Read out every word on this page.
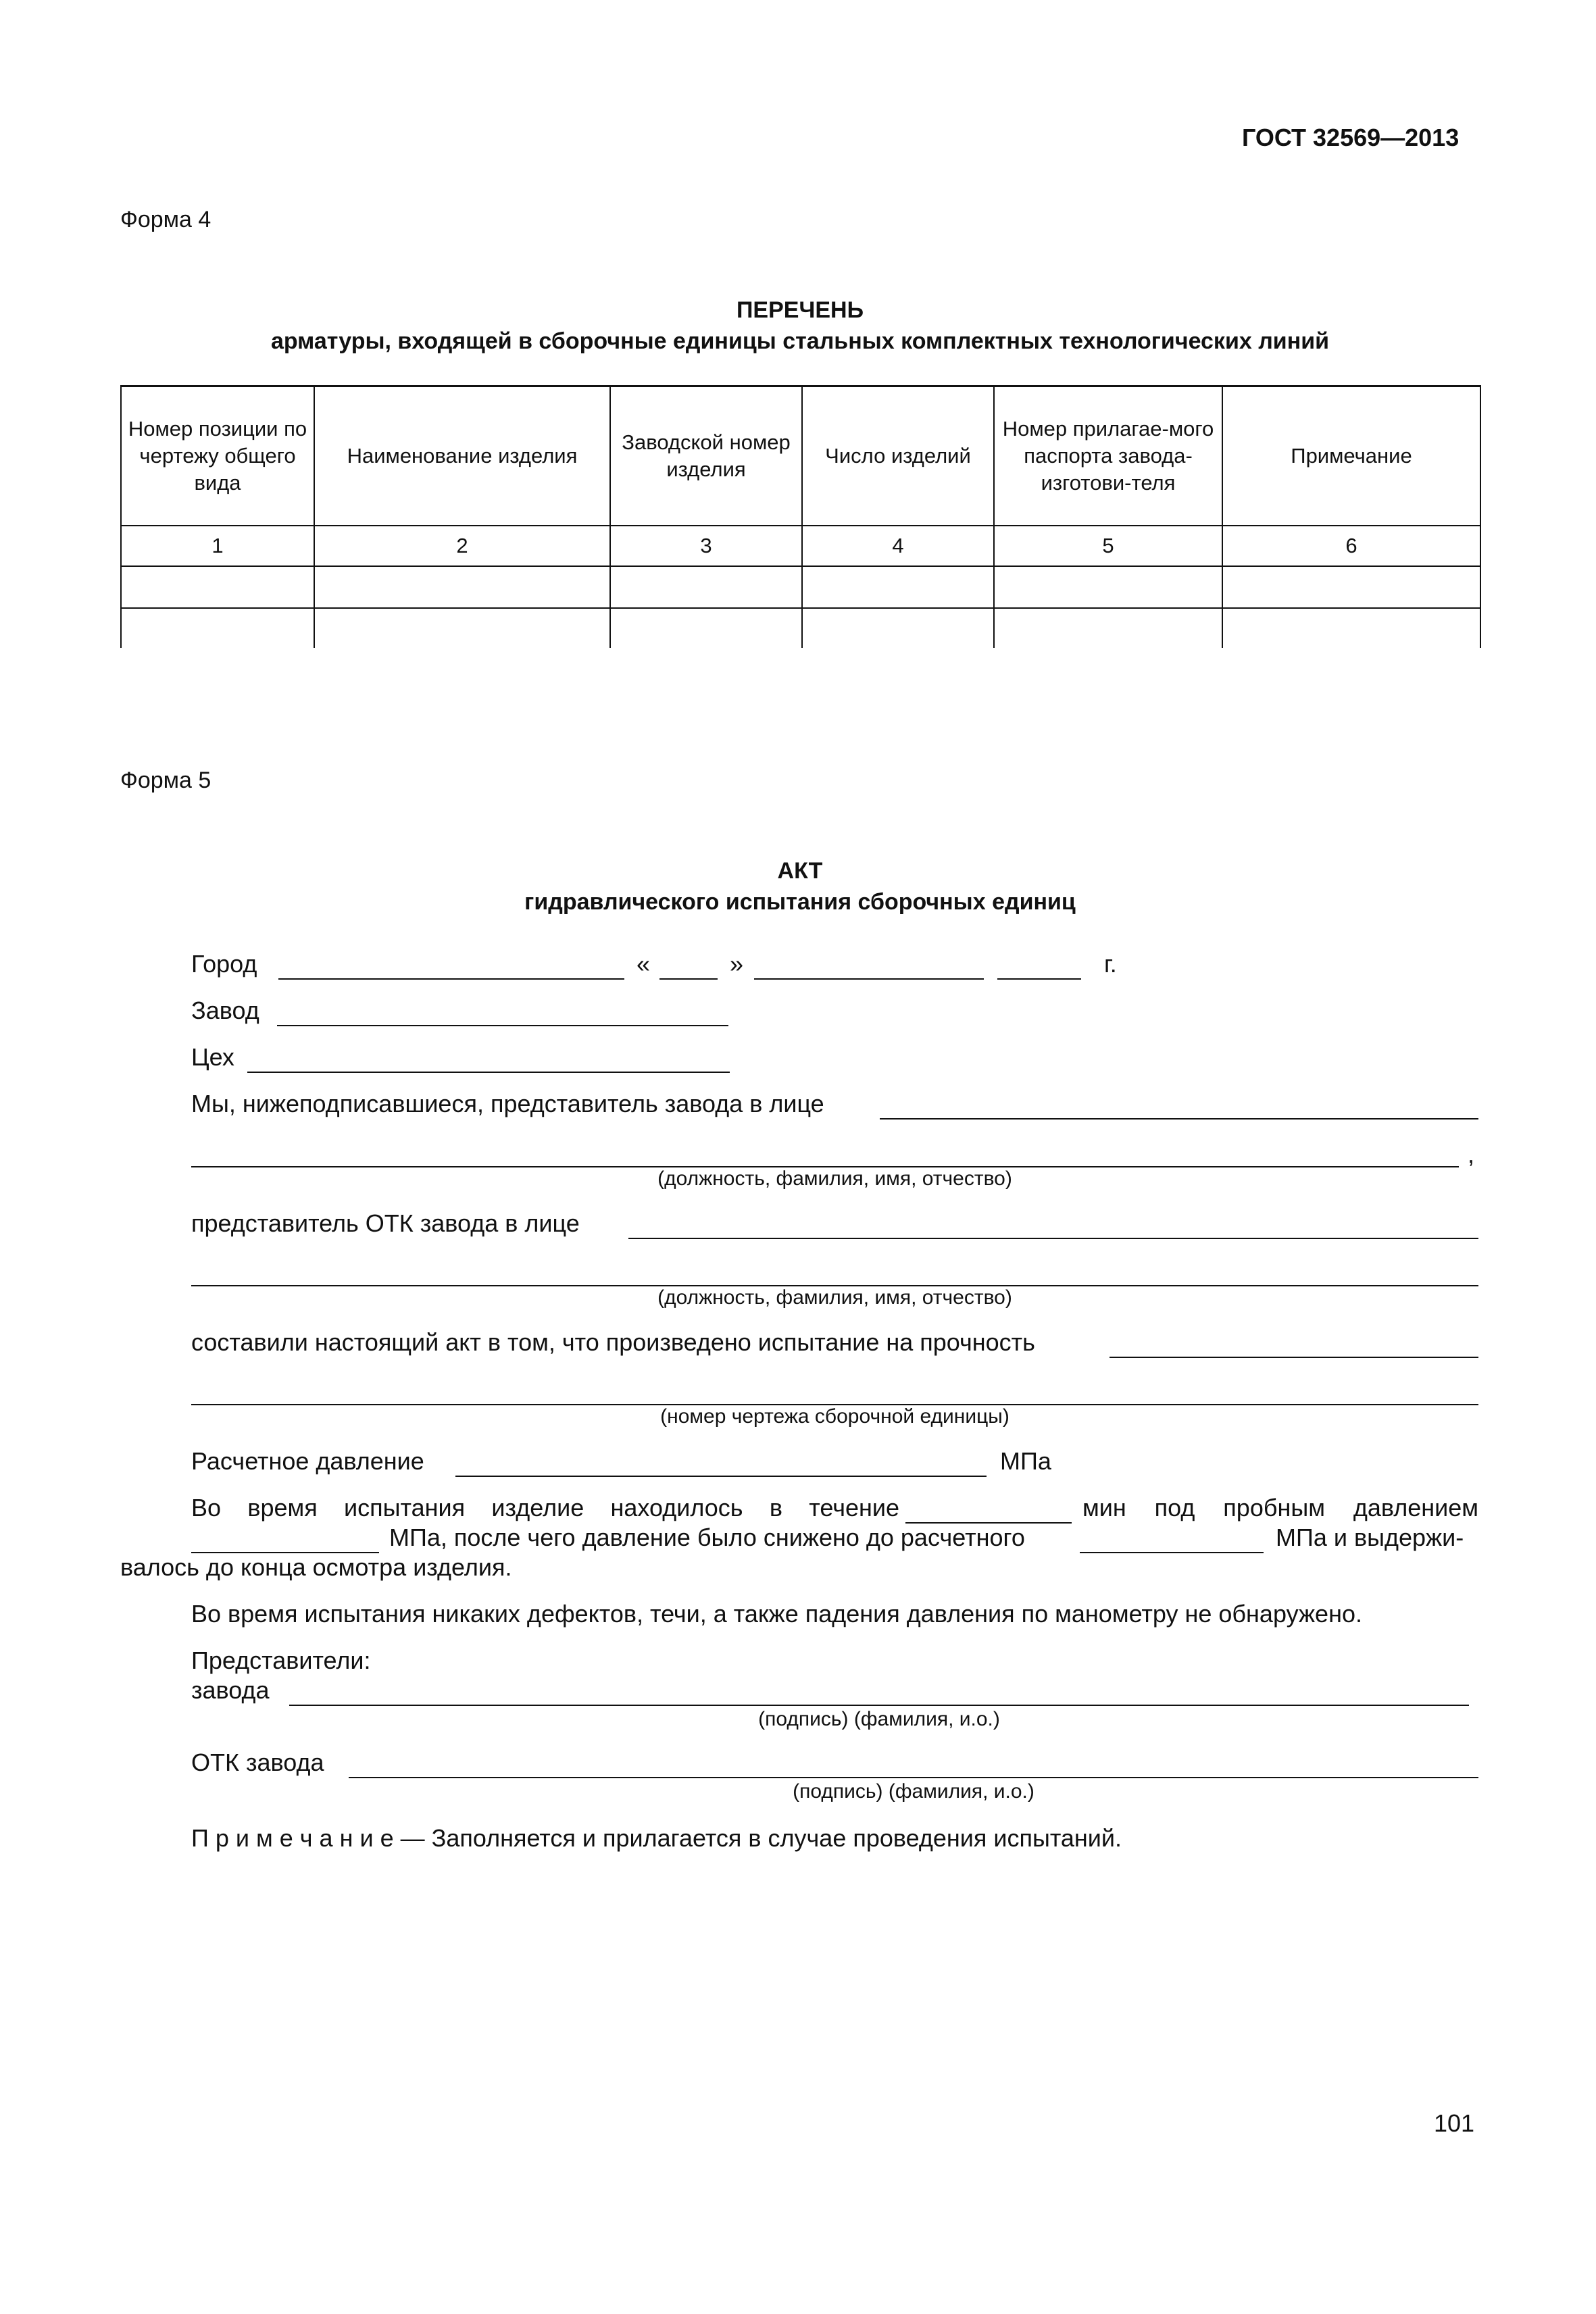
ГОСТ 32569—2013
Форма 4
ПЕРЕЧЕНЬ
арматуры, входящей в сборочные единицы стальных комплектных технологических линий
Номер позиции по чертежу общего вида	Наименование изделия	Заводской номер изделия	Число изделий	Номер прилагае-мого паспорта завода-изготови-теля	Примечание
1	2	3	4	5	6

Форма 5
АКТ
гидравлического испытания сборочных единиц
Город	«	»	г.
Завод
Цех
Мы, нижеподписавшиеся, представитель завода в лице
,
(должность, фамилия, имя, отчество)
представитель ОТК завода в лице
(должность, фамилия, имя, отчество)
составили настоящий акт в том, что произведено испытание на прочность
(номер чертежа сборочной единицы)
Расчетное давление	МПа
Во время испытания изделие находилось в течение	мин под пробным давлением
МПа, после чего давление было снижено до расчетного	МПа и выдержи-
валось до конца осмотра изделия.
Во время испытания никаких дефектов, течи, а также падения давления по манометру не обнаружено.
Представители:
завода
(подпись) (фамилия, и.о.)
ОТК завода
(подпись) (фамилия, и.о.)
П р и м е ч а н и е — Заполняется и прилагается в случае проведения испытаний.
101
